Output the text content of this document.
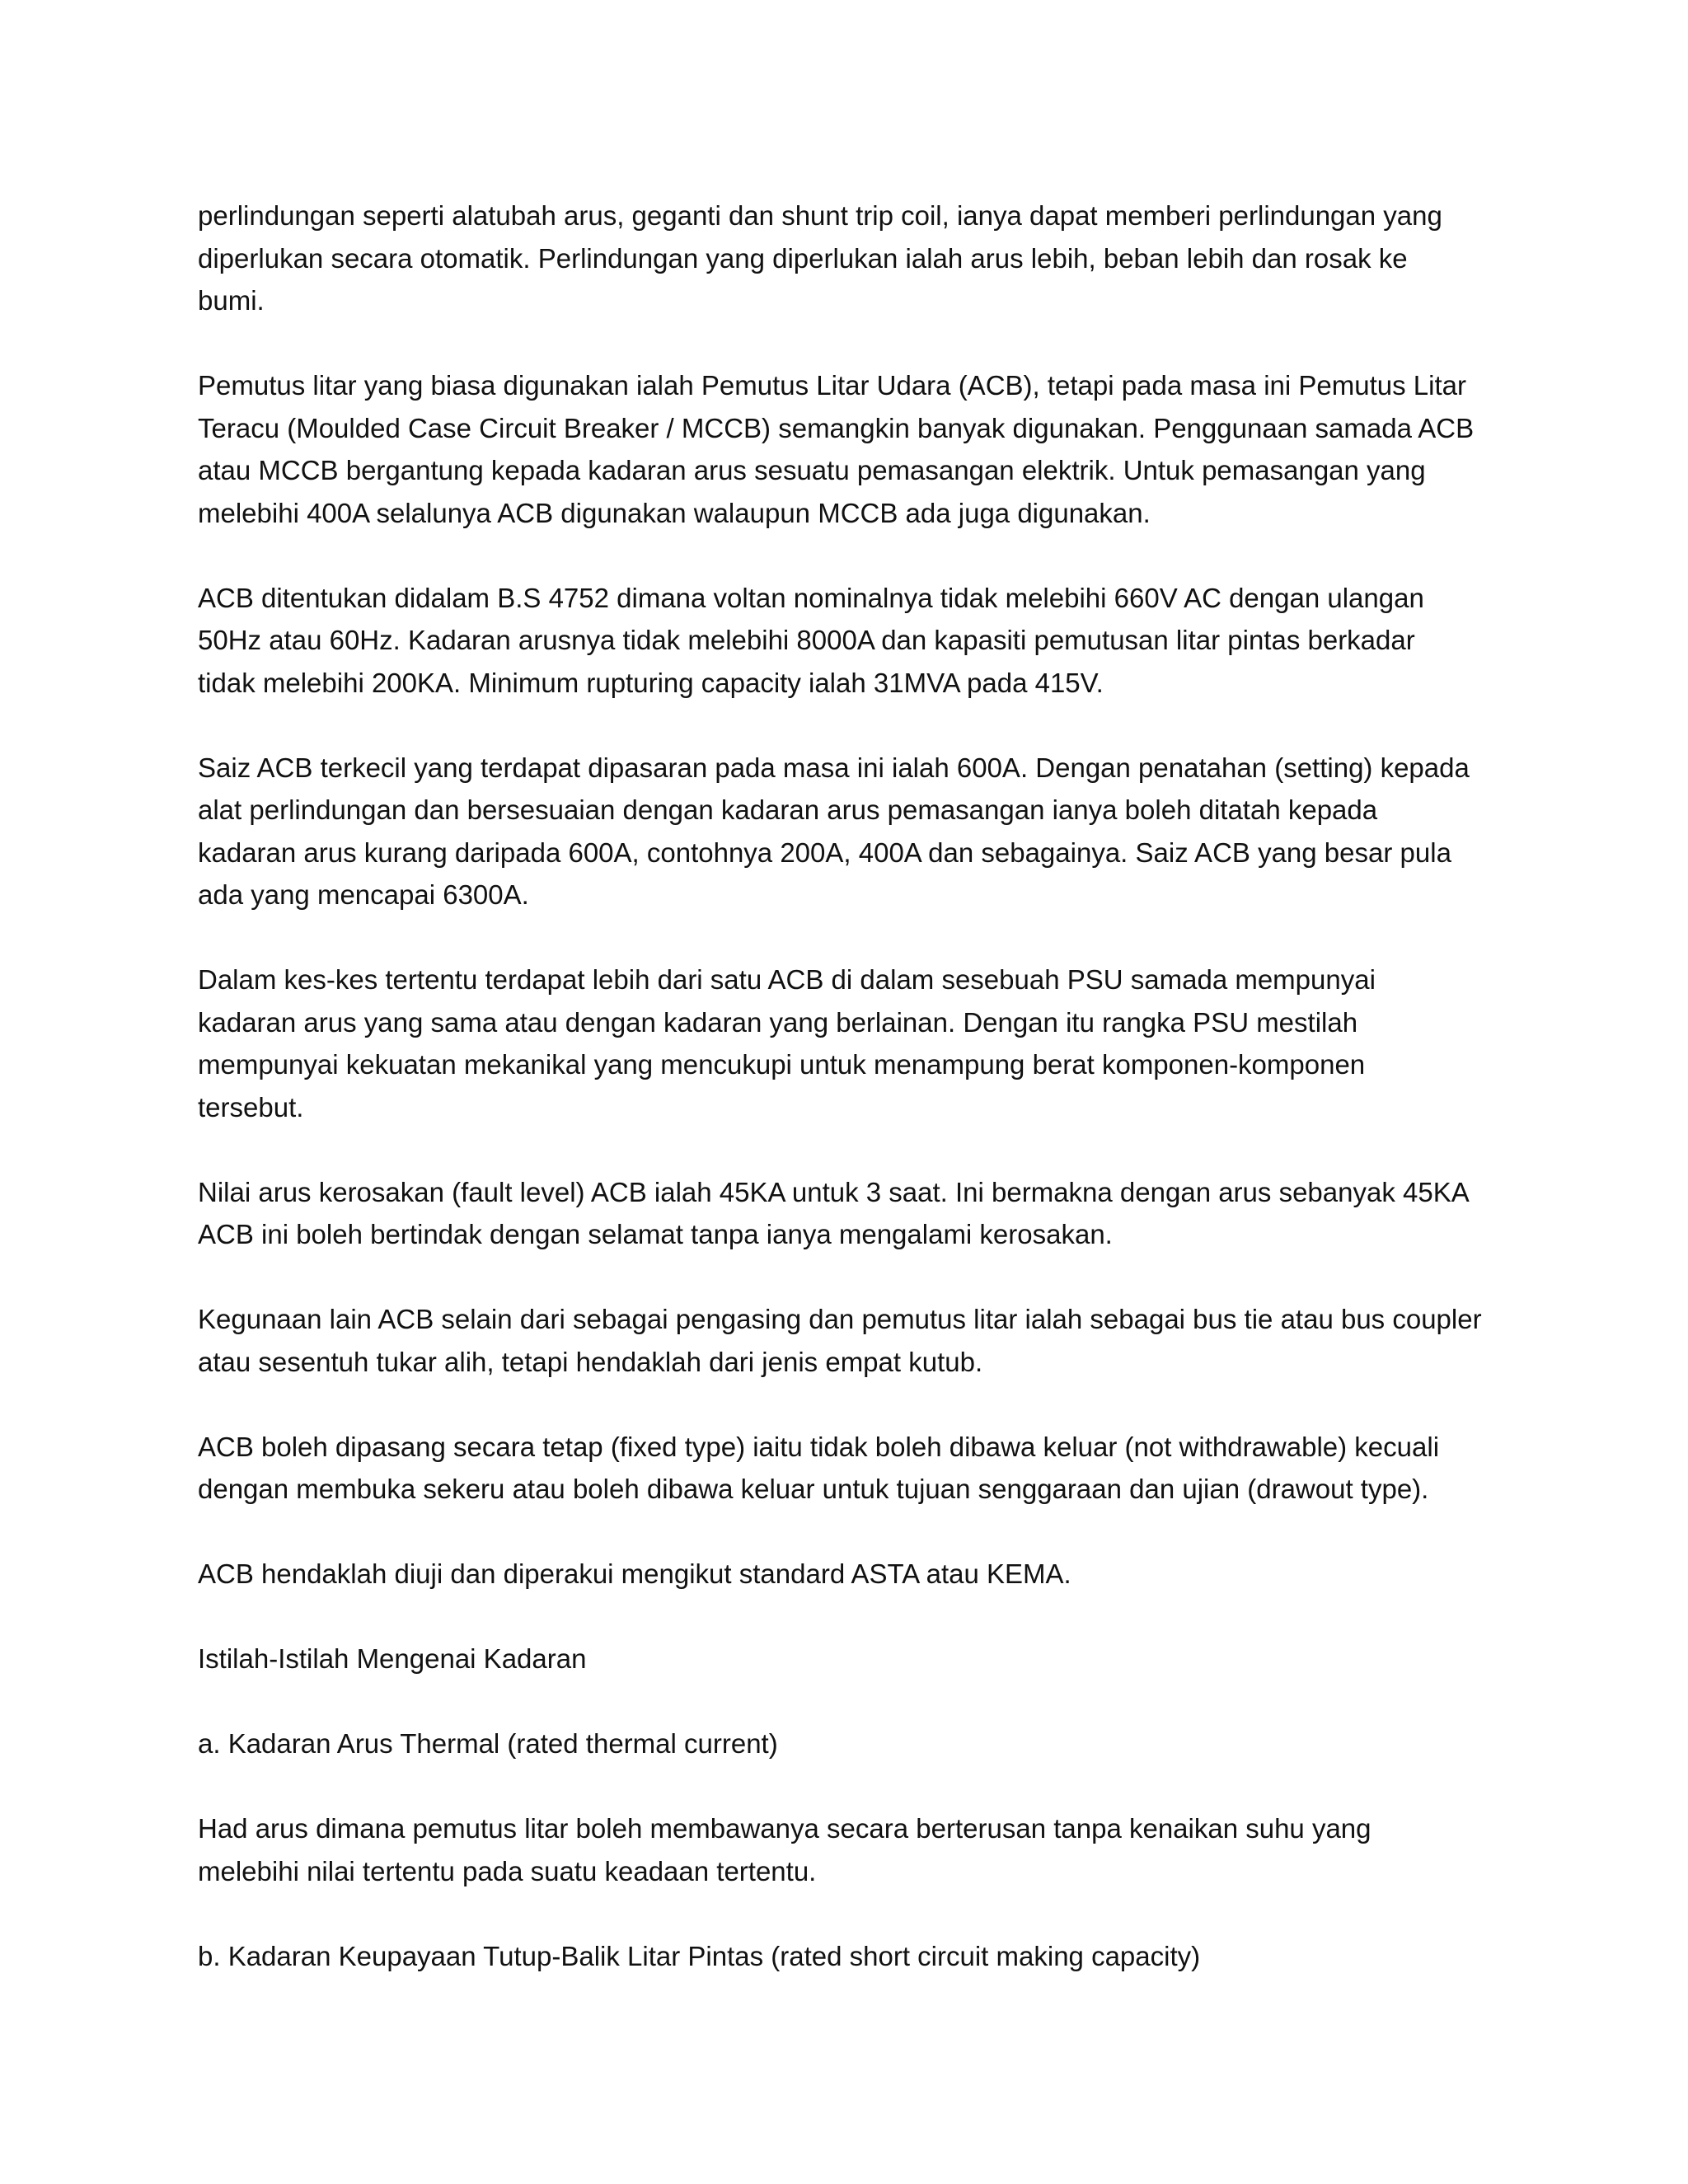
perlindungan seperti alatubah arus, geganti dan shunt trip coil, ianya dapat memberi perlindungan yang
diperlukan secara otomatik. Perlindungan yang diperlukan ialah arus lebih, beban lebih dan rosak ke
bumi.

Pemutus litar yang biasa digunakan ialah Pemutus Litar Udara (ACB), tetapi pada masa ini Pemutus Litar
Teracu (Moulded Case Circuit Breaker / MCCB) semangkin banyak digunakan. Penggunaan samada ACB
atau MCCB bergantung kepada kadaran arus sesuatu pemasangan elektrik. Untuk pemasangan yang
melebihi 400A selalunya ACB digunakan walaupun MCCB ada juga digunakan.

ACB ditentukan didalam B.S 4752 dimana voltan nominalnya tidak melebihi 660V AC dengan ulangan
50Hz atau 60Hz. Kadaran arusnya tidak melebihi 8000A dan kapasiti pemutusan litar pintas berkadar
tidak melebihi 200KA. Minimum rupturing capacity ialah 31MVA pada 415V.

Saiz ACB terkecil yang terdapat dipasaran pada masa ini ialah 600A. Dengan penatahan (setting) kepada
alat perlindungan dan bersesuaian dengan kadaran arus pemasangan ianya boleh ditatah kepada
kadaran arus kurang daripada 600A, contohnya 200A, 400A dan sebagainya. Saiz ACB yang besar pula
ada yang mencapai 6300A.

Dalam kes-kes tertentu terdapat lebih dari satu ACB di dalam sesebuah PSU samada mempunyai
kadaran arus yang sama atau dengan kadaran yang berlainan. Dengan itu rangka PSU mestilah
mempunyai kekuatan mekanikal yang mencukupi untuk menampung berat komponen-komponen
tersebut.

Nilai arus kerosakan (fault level) ACB ialah 45KA untuk 3 saat. Ini bermakna dengan arus sebanyak 45KA
ACB ini boleh bertindak dengan selamat tanpa ianya mengalami kerosakan.

Kegunaan lain ACB selain dari sebagai pengasing dan pemutus litar ialah sebagai bus tie atau bus coupler
atau sesentuh tukar alih, tetapi hendaklah dari jenis empat kutub.

ACB boleh dipasang secara tetap (fixed type) iaitu tidak boleh dibawa keluar (not withdrawable) kecuali
dengan membuka sekeru atau boleh dibawa keluar untuk tujuan senggaraan dan ujian (drawout type).

ACB hendaklah diuji dan diperakui mengikut standard ASTA atau KEMA.

Istilah-Istilah Mengenai Kadaran

a. Kadaran Arus Thermal (rated thermal current)

Had arus dimana pemutus litar boleh membawanya secara berterusan tanpa kenaikan suhu yang
melebihi nilai tertentu pada suatu keadaan tertentu.

b. Kadaran Keupayaan Tutup-Balik Litar Pintas (rated short circuit making capacity)
